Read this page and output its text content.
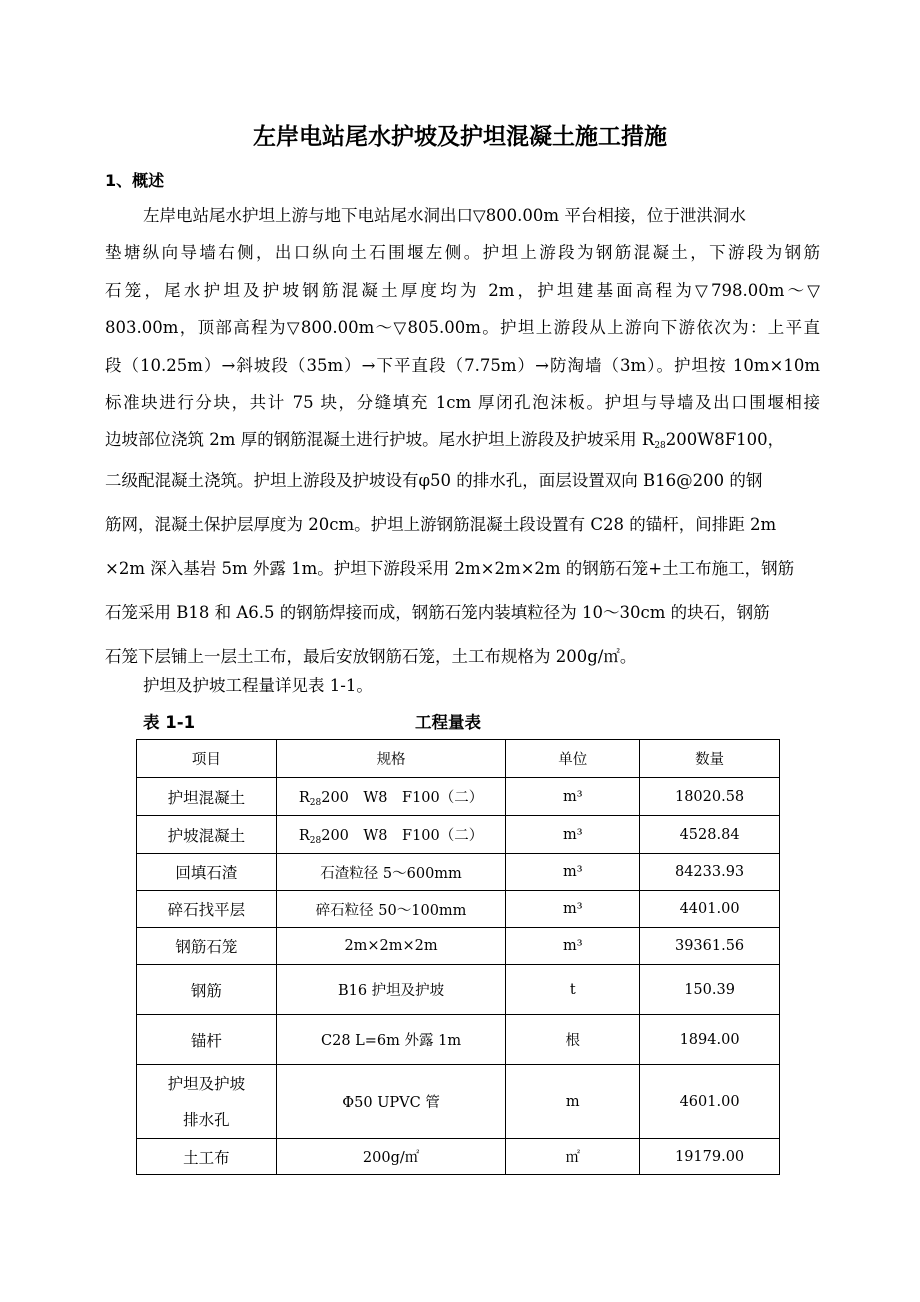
左岸电站尾水护坡及护坦混凝土施工措施
1、概述
左岸电站尾水护坦上游与地下电站尾水洞出口▽800.00m 平台相接，位于泄洪洞水
垫塘纵向导墙右侧，出口纵向土石围堰左侧。护坦上游段为钢筋混凝土，下游段为钢筋
石笼，尾水护坦及护坡钢筋混凝土厚度均为 2m，护坦建基面高程为▽798.00m～▽
803.00m，顶部高程为▽800.00m～▽805.00m。护坦上游段从上游向下游依次为：上平直
段（10.25m）→斜坡段（35m）→下平直段（7.75m）→防淘墙（3m）。护坦按 10m×10m
标准块进行分块，共计 75 块，分缝填充 1cm 厚闭孔泡沫板。护坦与导墙及出口围堰相接
边坡部位浇筑 2m 厚的钢筋混凝土进行护坡。尾水护坦上游段及护坡采用 $R_{28}200W8F100$，
二级配混凝土浇筑。护坦上游段及护坡设有φ50 的排水孔，面层设置双向 B16@200 的钢
筋网，混凝土保护层厚度为 20cm。护坦上游钢筋混凝土段设置有 C28 的锚杆，间排距 2m
×2m 深入基岩 5m 外露 1m。护坦下游段采用 2m×2m×2m 的钢筋石笼+土工布施工，钢筋
石笼采用 B18 和 A6.5 的钢筋焊接而成，钢筋石笼内装填粒径为 10～30cm 的块石，钢筋
石笼下层铺上一层土工布，最后安放钢筋石笼，土工布规格为 200g/㎡。
护坦及护坡工程量详见表 1-1。
表 1-1	工程量表
项目	规格	单位	数量
护坦混凝土	$R_{28}200$　W8　F100（二）	m³	18020.58
护坡混凝土	$R_{28}200$　W8　F100（二）	m³	4528.84
回填石渣	石渣粒径 5～600mm	m³	84233.93
碎石找平层	碎石粒径 50～100mm	m³	4401.00
钢筋石笼	2m×2m×2m	m³	39361.56
钢筋	B16 护坦及护坡	t	150.39
锚杆	C28 L=6m 外露 1m	根	1894.00

护坦及护坡
排水孔	Φ50 UPVC 管	m	4601.00
土工布	200g/㎡	㎡	19179.00
